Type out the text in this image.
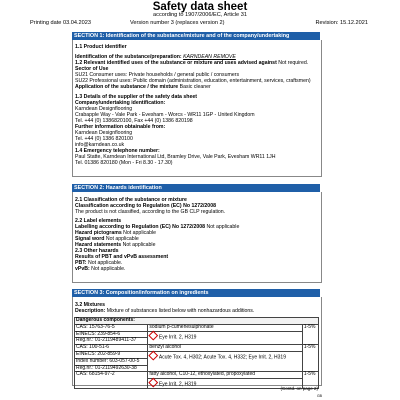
Safety data sheet
according to 1907/2006/EC, Article 31
Printing date 03.04.2023	Version number 3 (replaces version 2)	Revision: 15.12.2021
SECTION 1: Identification of the substance/mixture and of the company/undertaking
1.1 Product identifier
Identification of the substance/preparation: KARNDEAN REMOVE
1.2 Relevant identified uses of the substance or mixture and uses advised against Not required.
Sector of Use
SU21 Consumer uses: Private households / general public / consumers
SU22 Professional uses: Public domain (administration, education, entertainment, services, craftsmen)
Application of the substance / the mixture Basic cleaner
1.3 Details of the supplier of the safety data sheet
Company/undertaking identification:
Karndean Designflooring
Crabapple Way - Vale Park - Evesham - Worcs - WR11 1GP - United Kingdom
Tel. +44 (0) 1386820100, Fax +44 (0) 1386 820198
Further information obtainable from:
Karndean Designflooring
Tel. +44 (0) 1386 820100
info@karndean.co.uk
1.4 Emergency telephone number:
Paul Statte, Karndean International Ltd, Bramley Drive, Vale Park, Evesham WR11 1JH
Tel. 01386 820180 (Mon - Fri 8.30 - 17.30)
SECTION 2: Hazards identification
2.1 Classification of the substance or mixture
Classification according to Regulation (EC) No 1272/2008
The product is not classified, according to the GB CLP regulation.
2.2 Label elements
Labelling according to Regulation (EC) No 1272/2008 Not applicable
Hazard pictograms Not applicable
Signal word Not applicable
Hazard statements Not applicable
2.3 Other hazards
Results of PBT and vPvB assessment
PBT: Not applicable.
vPvB: Not applicable.
SECTION 3: Composition/information on ingredients
3.2 Mixtures
Description: Mixture of substances listed below with nonhazardous additions.
Dangerous components:		
CAS: 15763-76-5	sodium p-cumenesulphonate	1-5%
EINECS: 239-854-6	Eye Irrit. 2, H319	
Reg.nr.: 01-2119489411-37		
CAS: 100-51-6	benzyl alcohol	1-5%
EINECS: 202-859-9	Acute Tox. 4, H302; Acute Tox. 4, H332; Eye Irrit. 2, H319	
Index number: 603-057-00-5		
Reg.nr.: 01-2119492630-38		
CAS: 68154-97-2	fatty alcohol, C10-12, ethoxylated, propoxylated	1-5%
	Eye Irrit. 2, H319	
(Contd. on page 2)
GB
